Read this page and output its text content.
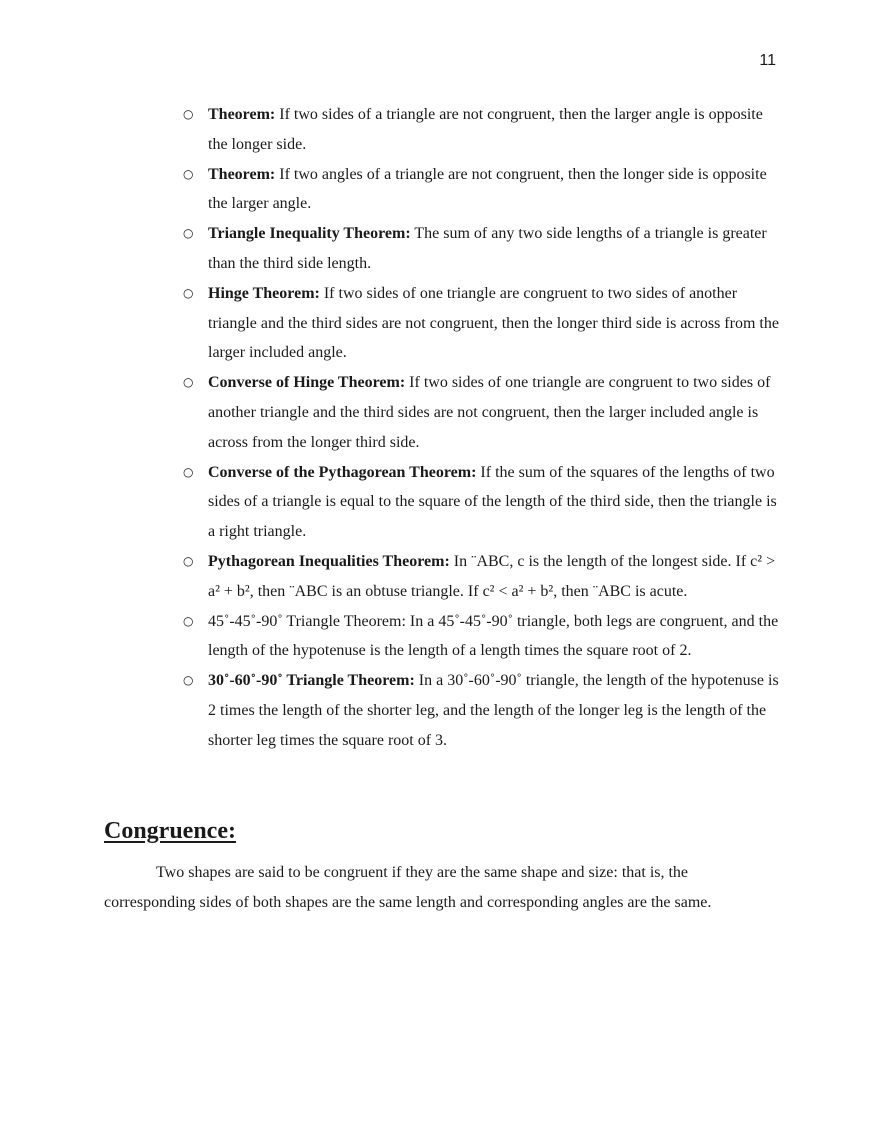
11
○ Theorem: If two sides of a triangle are not congruent, then the larger angle is opposite the longer side.
○ Theorem: If two angles of a triangle are not congruent, then the longer side is opposite the larger angle.
○ Triangle Inequality Theorem: The sum of any two side lengths of a triangle is greater than the third side length.
○ Hinge Theorem: If two sides of one triangle are congruent to two sides of another triangle and the third sides are not congruent, then the longer third side is across from the larger included angle.
○ Converse of Hinge Theorem: If two sides of one triangle are congruent to two sides of another triangle and the third sides are not congruent, then the larger included angle is across from the longer third side.
○ Converse of the Pythagorean Theorem: If the sum of the squares of the lengths of two sides of a triangle is equal to the square of the length of the third side, then the triangle is a right triangle.
○ Pythagorean Inequalities Theorem: In ¨ABC, c is the length of the longest side. If c² > a² + b², then ¨ABC is an obtuse triangle. If c² < a² + b², then ¨ABC is acute.
○ 45˚-45˚-90˚ Triangle Theorem: In a 45˚-45˚-90˚ triangle, both legs are congruent, and the length of the hypotenuse is the length of a length times the square root of 2.
○ 30˚-60˚-90˚ Triangle Theorem: In a 30˚-60˚-90˚ triangle, the length of the hypotenuse is 2 times the length of the shorter leg, and the length of the longer leg is the length of the shorter leg times the square root of 3.
Congruence:

Two shapes are said to be congruent if they are the same shape and size: that is, the corresponding sides of both shapes are the same length and corresponding angles are the same.
